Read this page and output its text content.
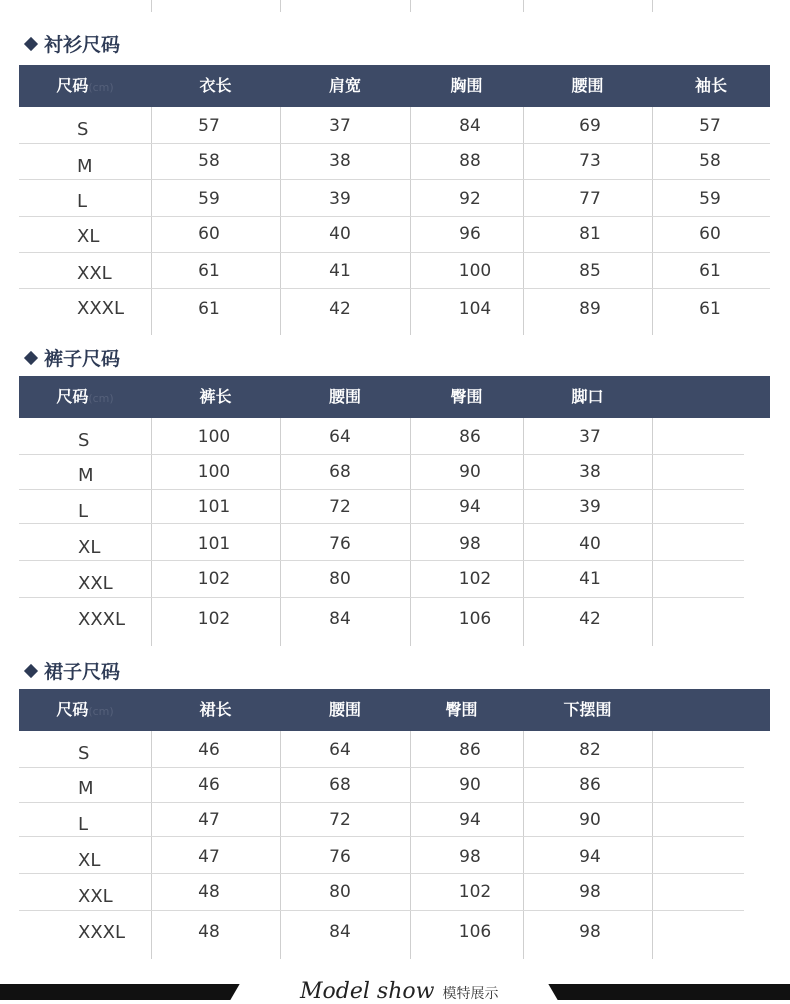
衬衫尺码
尺码(cm)	衣长	肩宽	胸围	腰围	袖长
S	57	37	84	69	57
M	58	38	88	73	58
L	59	39	92	77	59
XL	60	40	96	81	60
XXL	61	41	100	85	61
XXXL	61	42	104	89	61
裤子尺码
尺码(cm)	裤长	腰围	臀围	脚口
S	100	64	86	37
M	100	68	90	38
L	101	72	94	39
XL	101	76	98	40
XXL	102	80	102	41
XXXL	102	84	106	42
裙子尺码
尺码(cm)	裙长	腰围	臀围	下摆围
S	46	64	86	82
M	46	68	90	86
L	47	72	94	90
XL	47	76	98	94
XXL	48	80	102	98
XXXL	48	84	106	98
Model show 模特展示
